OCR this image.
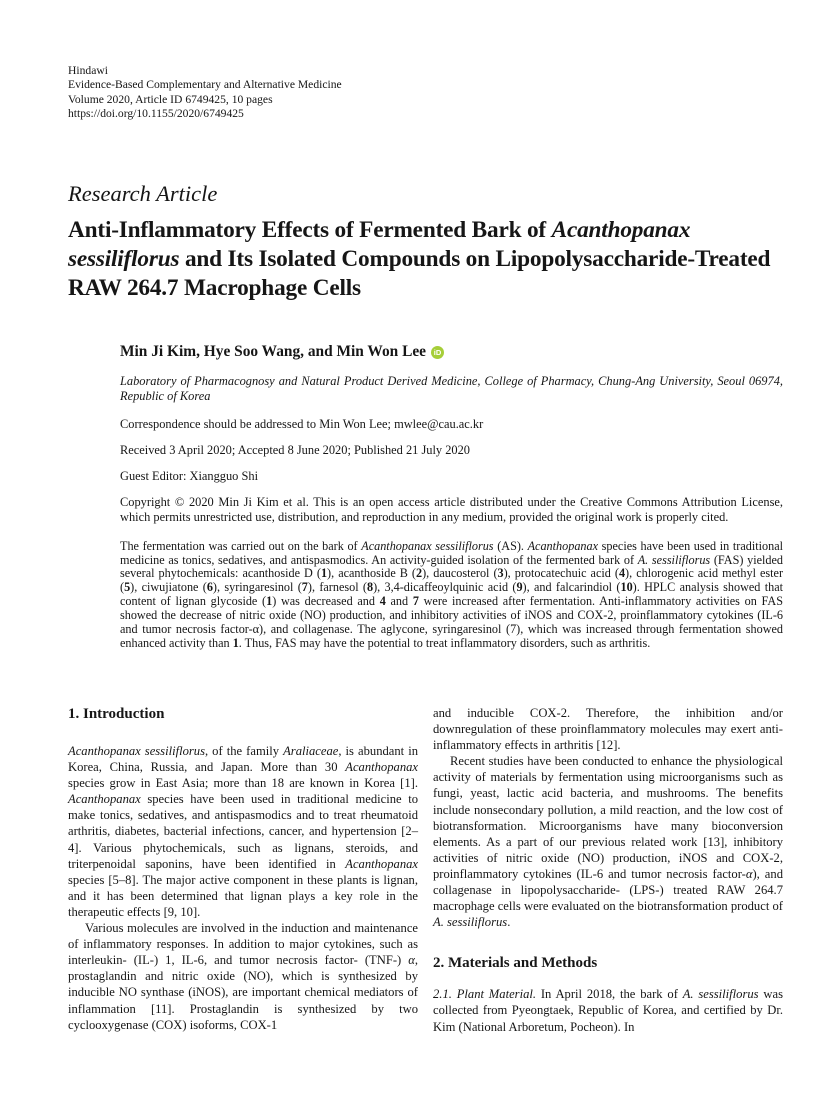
Hindawi
Evidence-Based Complementary and Alternative Medicine
Volume 2020, Article ID 6749425, 10 pages
https://doi.org/10.1155/2020/6749425
Research Article
Anti-Inflammatory Effects of Fermented Bark of Acanthopanax sessiliflorus and Its Isolated Compounds on Lipopolysaccharide-Treated RAW 264.7 Macrophage Cells
Min Ji Kim, Hye Soo Wang, and Min Won Lee iD

Laboratory of Pharmacognosy and Natural Product Derived Medicine, College of Pharmacy, Chung-Ang University, Seoul 06974, Republic of Korea

Correspondence should be addressed to Min Won Lee; mwlee@cau.ac.kr

Received 3 April 2020; Accepted 8 June 2020; Published 21 July 2020

Guest Editor: Xiangguo Shi

Copyright © 2020 Min Ji Kim et al. This is an open access article distributed under the Creative Commons Attribution License, which permits unrestricted use, distribution, and reproduction in any medium, provided the original work is properly cited.

The fermentation was carried out on the bark of Acanthopanax sessiliflorus (AS). Acanthopanax species have been used in traditional medicine as tonics, sedatives, and antispasmodics. An activity-guided isolation of the fermented bark of A. sessiliflorus (FAS) yielded several phytochemicals: acanthoside D (1), acanthoside B (2), daucosterol (3), protocatechuic acid (4), chlorogenic acid methyl ester (5), ciwujiatone (6), syringaresinol (7), farnesol (8), 3,4-dicaffeoylquinic acid (9), and falcarindiol (10). HPLC analysis showed that content of lignan glycoside (1) was decreased and 4 and 7 were increased after fermentation. Anti-inflammatory activities on FAS showed the decrease of nitric oxide (NO) production, and inhibitory activities of iNOS and COX-2, proinflammatory cytokines (IL-6 and tumor necrosis factor-α), and collagenase. The aglycone, syringaresinol (7), which was increased through fermentation showed enhanced activity than 1. Thus, FAS may have the potential to treat inflammatory disorders, such as arthritis.

1. Introduction

Acanthopanax sessiliflorus, of the family Araliaceae, is abundant in Korea, China, Russia, and Japan. More than 30 Acanthopanax species grow in East Asia; more than 18 are known in Korea [1]. Acanthopanax species have been used in traditional medicine to make tonics, sedatives, and antispasmodics and to treat rheumatoid arthritis, diabetes, bacterial infections, cancer, and hypertension [2–4]. Various phytochemicals, such as lignans, steroids, and triterpenoidal saponins, have been identified in Acanthopanax species [5–8]. The major active component in these plants is lignan, and it has been determined that lignan plays a key role in the therapeutic effects [9, 10].

Various molecules are involved in the induction and maintenance of inflammatory responses. In addition to major cytokines, such as interleukin- (IL-) 1, IL-6, and tumor necrosis factor- (TNF-) α, prostaglandin and nitric oxide (NO), which is synthesized by inducible NO synthase (iNOS), are important chemical mediators of inflammation [11]. Prostaglandin is synthesized by two cyclooxygenase (COX) isoforms, COX-1

and inducible COX-2. Therefore, the inhibition and/or downregulation of these proinflammatory molecules may exert anti-inflammatory effects in arthritis [12].

Recent studies have been conducted to enhance the physiological activity of materials by fermentation using microorganisms such as fungi, yeast, lactic acid bacteria, and mushrooms. The benefits include nonsecondary pollution, a mild reaction, and the low cost of biotransformation. Microorganisms have many bioconversion elements. As a part of our previous related work [13], inhibitory activities of nitric oxide (NO) production, iNOS and COX-2, proinflammatory cytokines (IL-6 and tumor necrosis factor-α), and collagenase in lipopolysaccharide- (LPS-) treated RAW 264.7 macrophage cells were evaluated on the biotransformation product of A. sessiliflorus.

2. Materials and Methods

2.1. Plant Material. In April 2018, the bark of A. sessiliflorus was collected from Pyeongtaek, Republic of Korea, and certified by Dr. Kim (National Arboretum, Pocheon). In
